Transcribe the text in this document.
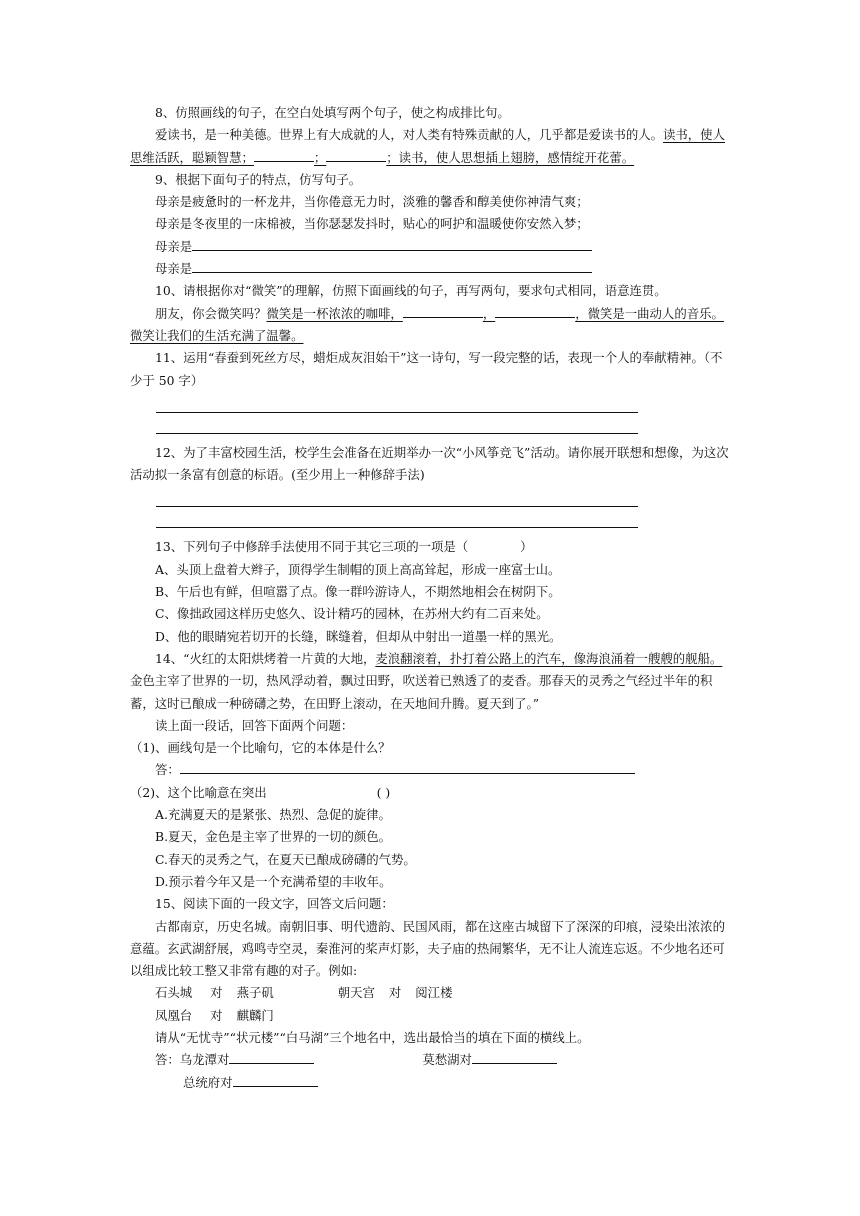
8、仿照画线的句子，在空白处填写两个句子，使之构成排比句。

爱读书，是一种美德。世界上有大成就的人，对人类有特殊贡献的人，几乎都是爱读书的人。读书，使人思维活跃，聪颖智慧；	；	；读书，使人思想插上翅膀，感情绽开花蕾。

9、根据下面句子的特点，仿写句子。

母亲是疲惫时的一杯龙井，当你倦意无力时，淡雅的馨香和醇美使你神清气爽；

母亲是冬夜里的一床棉被，当你瑟瑟发抖时，贴心的呵护和温暖使你安然入梦；

母亲是

母亲是

10、请根据你对“微笑”的理解，仿照下面画线的句子，再写两句，要求句式相同，语意连贯。

朋友，你会微笑吗？微笑是一杯浓浓的咖啡，	，	，微笑是一曲动人的音乐。微笑让我们的生活充满了温馨。

11、运用“春蚕到死丝方尽，蜡炬成灰泪始干”这一诗句，写一段完整的话，表现一个人的奉献精神。（不少于 50 字）

12、为了丰富校园生活，校学生会准备在近期举办一次“小风筝竞飞”活动。请你展开联想和想像，为这次活动拟一条富有创意的标语。(至少用上一种修辞手法)

13、下列句子中修辞手法使用不同于其它三项的一项是（	）

A、头顶上盘着大辫子，顶得学生制帽的顶上高高耸起，形成一座富士山。

B、午后也有鲜，但喧嚣了点。像一群吟游诗人，不期然地相会在树阴下。

C、像拙政园这样历史悠久、设计精巧的园林，在苏州大约有二百来处。

D、他的眼睛宛若切开的长缝，眯缝着，但却从中射出一道墨一样的黑光。

14、“火红的太阳烘烤着一片黄的大地，麦浪翻滚着，扑打着公路上的汽车，像海浪涌着一艘艘的舰船。金色主宰了世界的一切，热风浮动着，飘过田野，吹送着已熟透了的麦香。那春天的灵秀之气经过半年的积蓄，这时已酿成一种磅礴之势，在田野上滚动，在天地间升腾。夏天到了。”

读上面一段话，回答下面两个问题：

（1)、画线句是一个比喻句，它的本体是什么？

答：

（2)、这个比喻意在突出	( )

A.充满夏天的是紧张、热烈、急促的旋律。

B.夏天，金色是主宰了世界的一切的颜色。

C.春天的灵秀之气，在夏天已酿成磅礴的气势。

D.预示着今年又是一个充满希望的丰收年。

15、阅读下面的一段文字，回答文后问题：

古都南京，历史名城。南朝旧事、明代遗韵、民国风雨，都在这座古城留下了深深的印痕，浸染出浓浓的意蕴。玄武湖舒展，鸡鸣寺空灵，秦淮河的桨声灯影，夫子庙的热闹繁华，无不让人流连忘返。不少地名还可以组成比较工整又非常有趣的对子。例如:

石头城 对 燕子矶	朝天宫 对 阅江楼

凤凰台 对 麒麟门

请从“无忧寺”“状元楼”“白马湖”三个地名中，选出最恰当的填在下面的横线上。

答：乌龙潭对	莫愁湖对

总统府对
